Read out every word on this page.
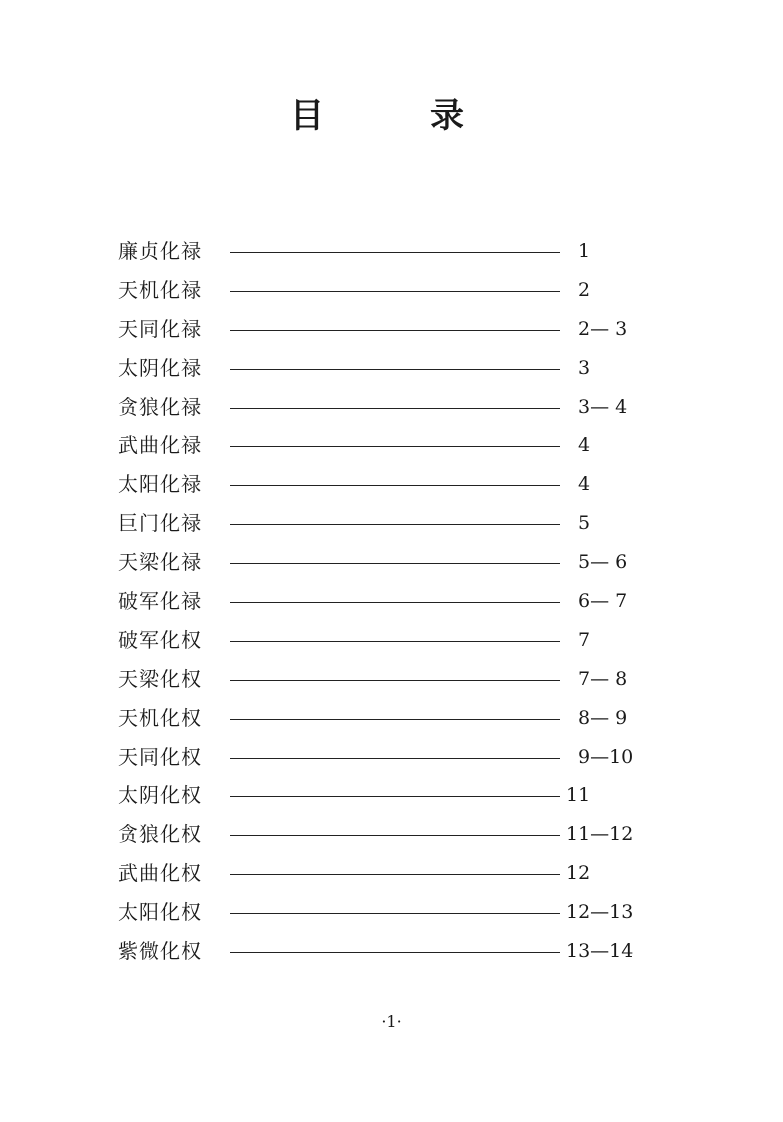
目	录
廉贞化禄	1
天机化禄	2
天同化禄	2— 3
太阴化禄	3
贪狼化禄	3— 4
武曲化禄	4
太阳化禄	4
巨门化禄	5
天梁化禄	5— 6
破军化禄	6— 7
破军化权	7
天梁化权	7— 8
天机化权	8— 9
天同化权	9—10
太阴化权	11
贪狼化权	11—12
武曲化权	12
太阳化权	12—13
紫微化权	13—14
·1·
